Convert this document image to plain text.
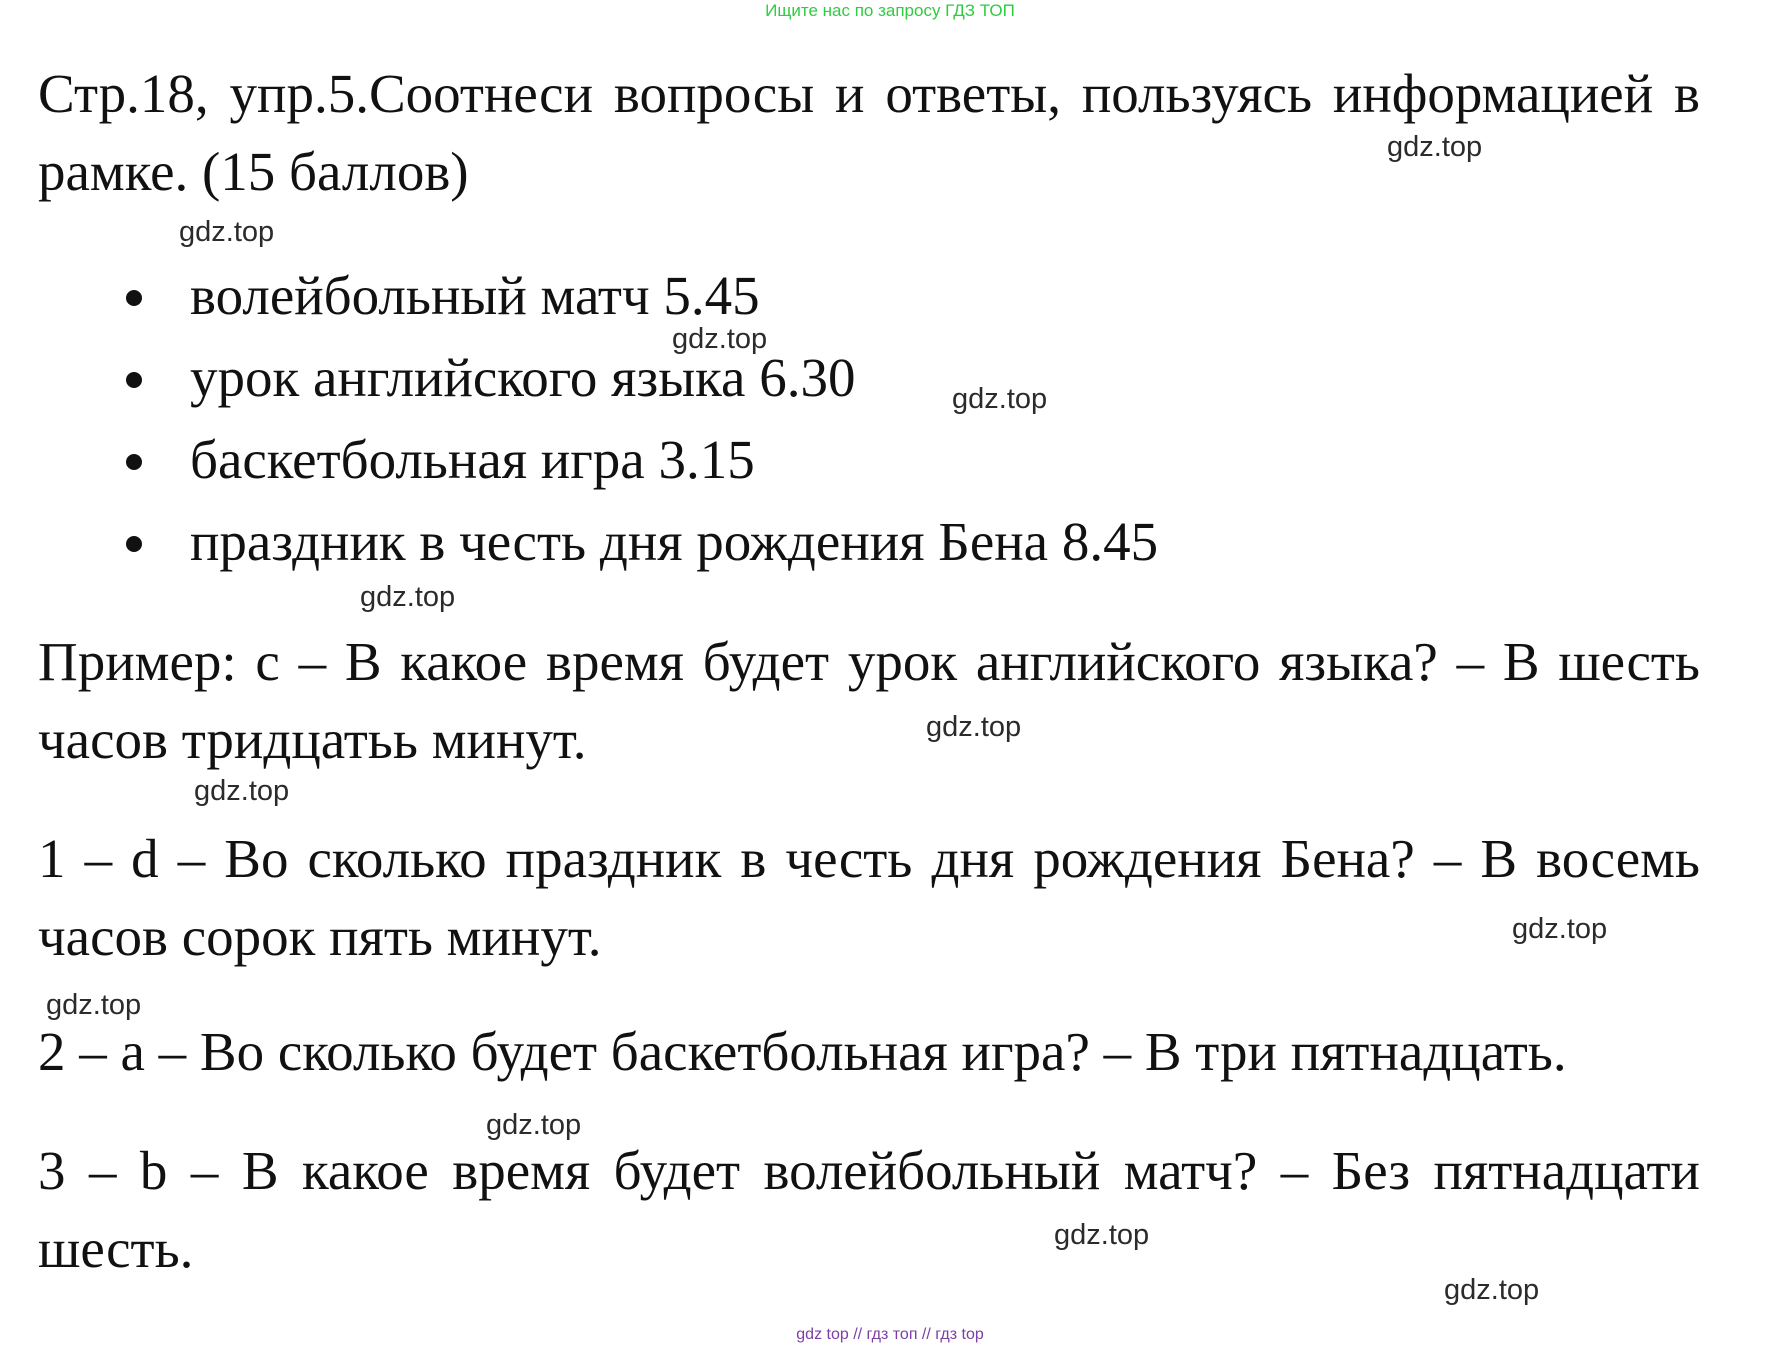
Ищите нас по запросу ГДЗ ТОП
Стр.18, упр.5.Соотнеси вопросы и ответы, пользуясь информацией в рамке. (15 баллов)
волейбольный матч 5.45
урок английского языка 6.30
баскетбольная игра 3.15
праздник в честь дня рождения Бена 8.45
Пример: c – В какое время будет урок английского языка? – В шесть часов тридцатьь минут.
1 – d – Во сколько праздник в честь дня рождения Бена? – В восемь часов сорок пять минут.
2 – a – Во сколько будет баскетбольная игра? – В три пятнадцать.
3 – b – В какое время будет волейбольный матч? – Без пятнадцати шесть.
gdz.top
gdz.top
gdz.top
gdz.top
gdz.top
gdz.top
gdz.top
gdz.top
gdz.top
gdz.top
gdz.top
gdz.top
gdz top // гдз топ // гдз top
